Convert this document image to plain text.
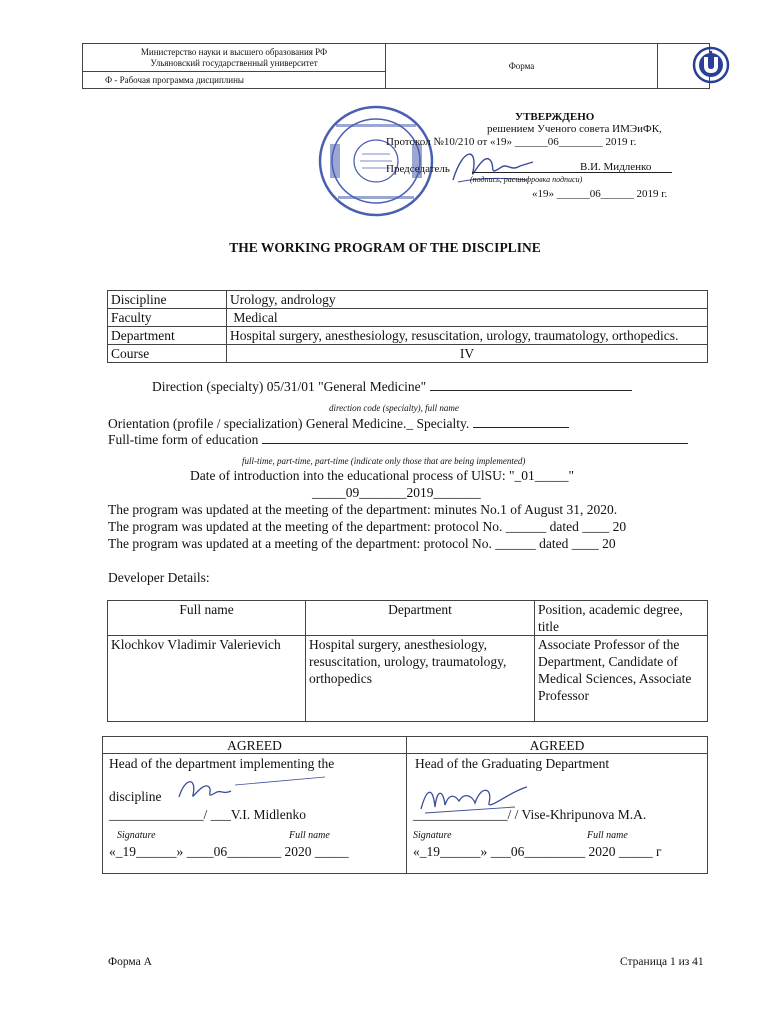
Министерство науки и высшего образования РФ
Ульяновский государственный университет	Форма
Ф - Рабочая программа дисциплины
УТВЕРЖДЕНО
решением Ученого совета ИМЭиФК,
Протокол №10/210 от «19» ______06________ 2019 г.
Председатель	В.И. Мидленко
(подпись, расшифровка подписи)
«19» ______06______ 2019 г.
THE WORKING PROGRAM OF THE DISCIPLINE
Discipline	Urology, andrology
Faculty	Medical
Department	Hospital surgery, anesthesiology, resuscitation, urology, traumatology, orthopedics.
Course	IV
Direction (specialty) 05/31/01 "General Medicine"
direction code (specialty), full name
Orientation (profile / specialization) General Medicine._ Specialty.
Full-time form of education
full-time, part-time, part-time (indicate only those that are being implemented)
Date of introduction into the educational process of UlSU: "_01_____"
_____09_______2019_______
The program was updated at the meeting of the department: minutes No.1 of August 31, 2020.
The program was updated at the meeting of the department: protocol No. ______ dated ____ 20
The program was updated at a meeting of the department: protocol No. ______ dated ____ 20
Developer Details:
Full name	Department	Position, academic degree, title
Klochkov Vladimir Valerievich	Hospital surgery, anesthesiology, resuscitation, urology, traumatology, orthopedics	Associate Professor of the Department, Candidate of Medical Sciences, Associate Professor
AGREED
Head of the department implementing the
discipline
______________/ ___V.I. Midlenko
Signature	Full name
«_19______» ____06________ 2020 _____
AGREED
Head of the Graduating Department
______________/ / Vise-Khripunova M.A.
Signature	Full name
«_19______» ___06_________ 2020 _____ г
Форма А	Страница 1 из 41
